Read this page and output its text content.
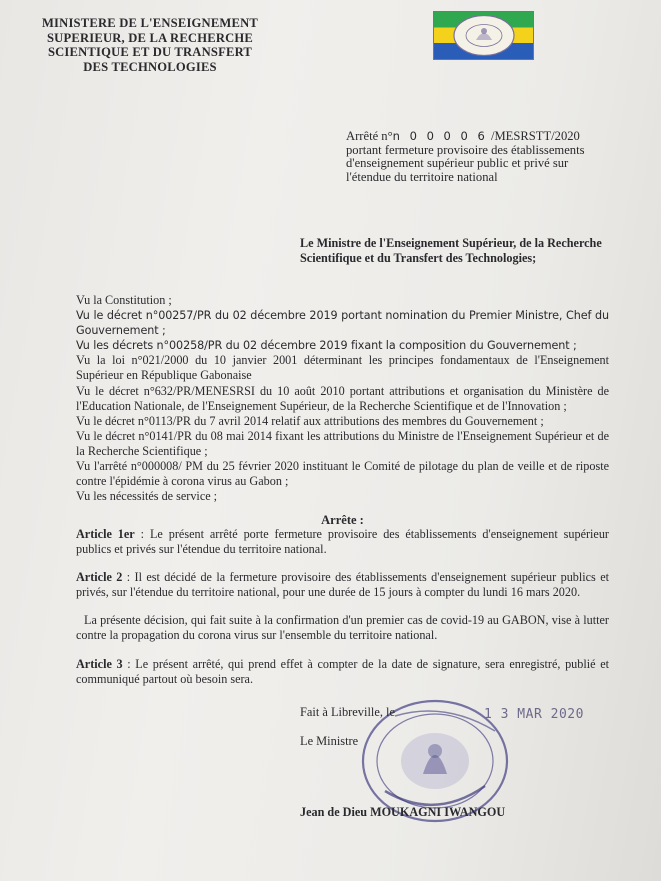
MINISTERE DE L'ENSEIGNEMENT
SUPERIEUR, DE LA RECHERCHE
SCIENTIQUE ET DU TRANSFERT
DES TECHNOLOGIES
Arrêté n°n 0 0 0 0 6 /MESRSTT/2020
portant fermeture provisoire des établissements
d'enseignement supérieur public et privé sur
l'étendue du territoire national
Le Ministre de l'Enseignement Supérieur, de la Recherche
Scientifique et du Transfert des Technologies;

Vu la Constitution ;

Vu le décret n°00257/PR du 02 décembre 2019 portant nomination du Premier Ministre, Chef du Gouvernement ;

Vu les décrets n°00258/PR du 02 décembre 2019 fixant la composition du Gouvernement ;

Vu la loi n°021/2000 du 10 janvier 2001 déterminant les principes fondamentaux de l'Enseignement Supérieur en République Gabonaise

Vu le décret n°632/PR/MENESRSI du 10 août 2010 portant attributions et organisation du Ministère de l'Education Nationale, de l'Enseignement Supérieur, de la Recherche Scientifique et de l'Innovation ;

Vu le décret n°0113/PR du 7 avril 2014 relatif aux attributions des membres du Gouvernement ;

Vu le décret n°0141/PR du 08 mai 2014 fixant les attributions du Ministre de l'Enseignement Supérieur et de la Recherche Scientifique ;

Vu l'arrêté n°000008/ PM du 25 février 2020 instituant le Comité de pilotage du plan de veille et de riposte contre l'épidémie à corona virus au Gabon ;

Vu les nécessités de service ;

Arrête :

Article 1er : Le présent arrêté porte fermeture provisoire des établissements d'enseignement supérieur publics et privés sur l'étendue du territoire national.

Article 2 : Il est décidé de la fermeture provisoire des établissements d'enseignement supérieur publics et privés, sur l'étendue du territoire national, pour une durée de 15 jours à compter du lundi 16 mars 2020.

La présente décision, qui fait suite à la confirmation d'un premier cas de covid-19 au GABON, vise à lutter contre la propagation du corona virus sur l'ensemble du territoire national.

Article 3 : Le présent arrêté, qui prend effet à compter de la date de signature, sera enregistré, publié et communiqué partout où besoin sera.

Fait à Libreville, le	1 3 MAR 2020
Le Ministre
Jean de Dieu MOUKAGNI IWANGOU
